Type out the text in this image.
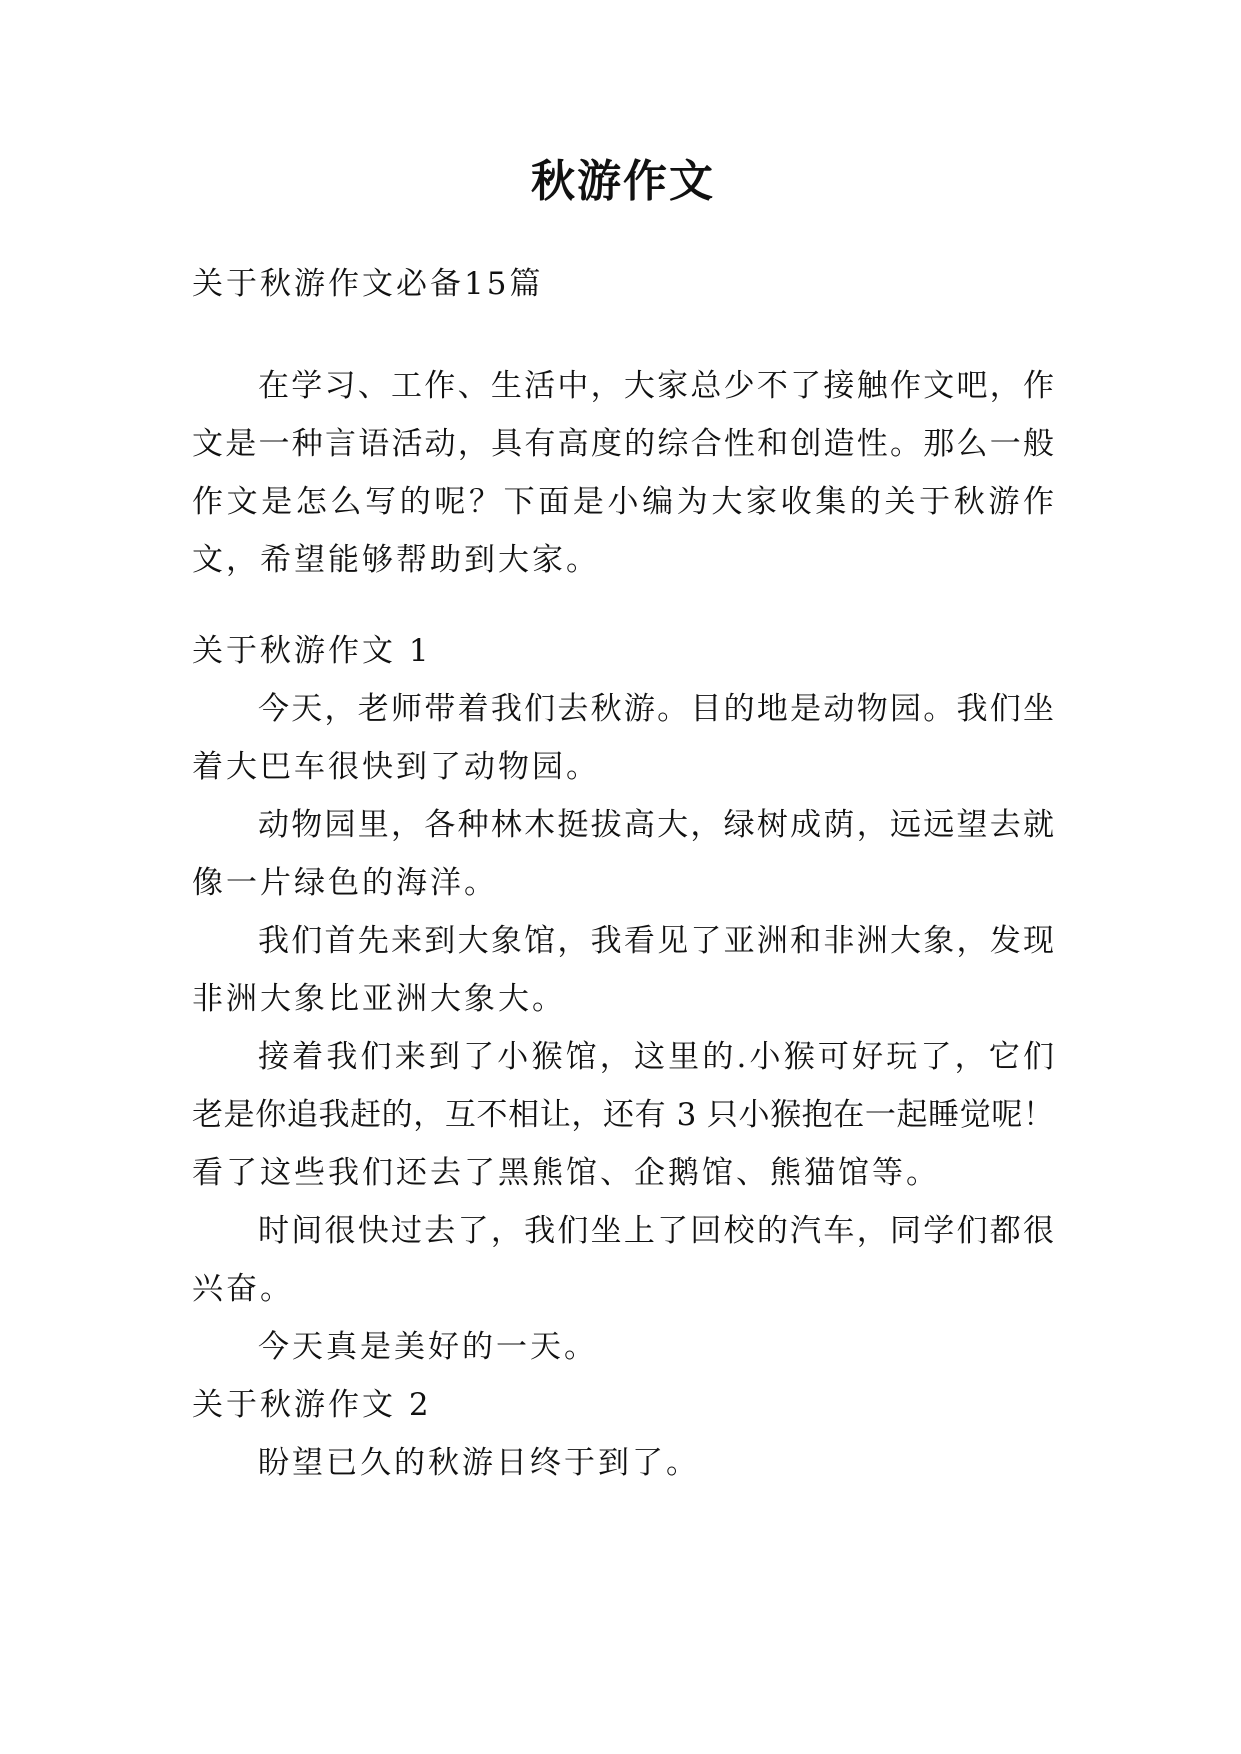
秋游作文
关于秋游作文必备15篇
在学习、工作、生活中，大家总少不了接触作文吧，作
文是一种言语活动，具有高度的综合性和创造性。那么一般
作文是怎么写的呢？下面是小编为大家收集的关于秋游作
文，希望能够帮助到大家。
关于秋游作文 1
今天，老师带着我们去秋游。目的地是动物园。我们坐
着大巴车很快到了动物园。
动物园里，各种林木挺拔高大，绿树成荫，远远望去就
像一片绿色的海洋。
我们首先来到大象馆，我看见了亚洲和非洲大象，发现
非洲大象比亚洲大象大。
接着我们来到了小猴馆，这里的.小猴可好玩了，它们
老是你追我赶的，互不相让，还有 3 只小猴抱在一起睡觉呢！
看了这些我们还去了黑熊馆、企鹅馆、熊猫馆等。
时间很快过去了，我们坐上了回校的汽车，同学们都很
兴奋。
今天真是美好的一天。
关于秋游作文 2
盼望已久的秋游日终于到了。
